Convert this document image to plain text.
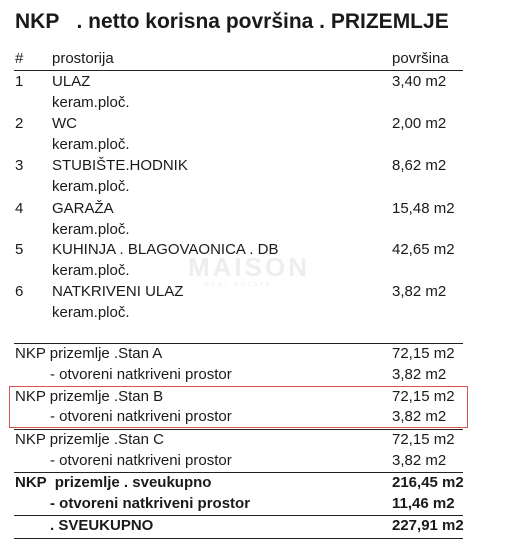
NKP   . netto korisna površina . PRIZEMLJE
# prostorija	površina
MAISON
REAL ESTATE
1 ULAZ	3,40 m2
keram.ploč.
2 WC	2,00 m2
keram.ploč.
3 STUBIŠTE.HODNIK	8,62 m2
keram.ploč.
4 GARAŽA	15,48 m2
keram.ploč.
5 KUHINJA . BLAGOVAONICA . DB	42,65 m2
keram.ploč.
6 NATKRIVENI ULAZ	3,82 m2
keram.ploč.
NKP prizemlje .Stan A	72,15 m2
- otvoreni natkriveni prostor	3,82 m2
NKP prizemlje .Stan B	72,15 m2
- otvoreni natkriveni prostor	3,82 m2
NKP prizemlje .Stan C	72,15 m2
- otvoreni natkriveni prostor	3,82 m2
NKP  prizemlje . sveukupno	216,45 m2
- otvoreni natkriveni prostor	11,46 m2
. SVEUKUPNO	227,91 m2
